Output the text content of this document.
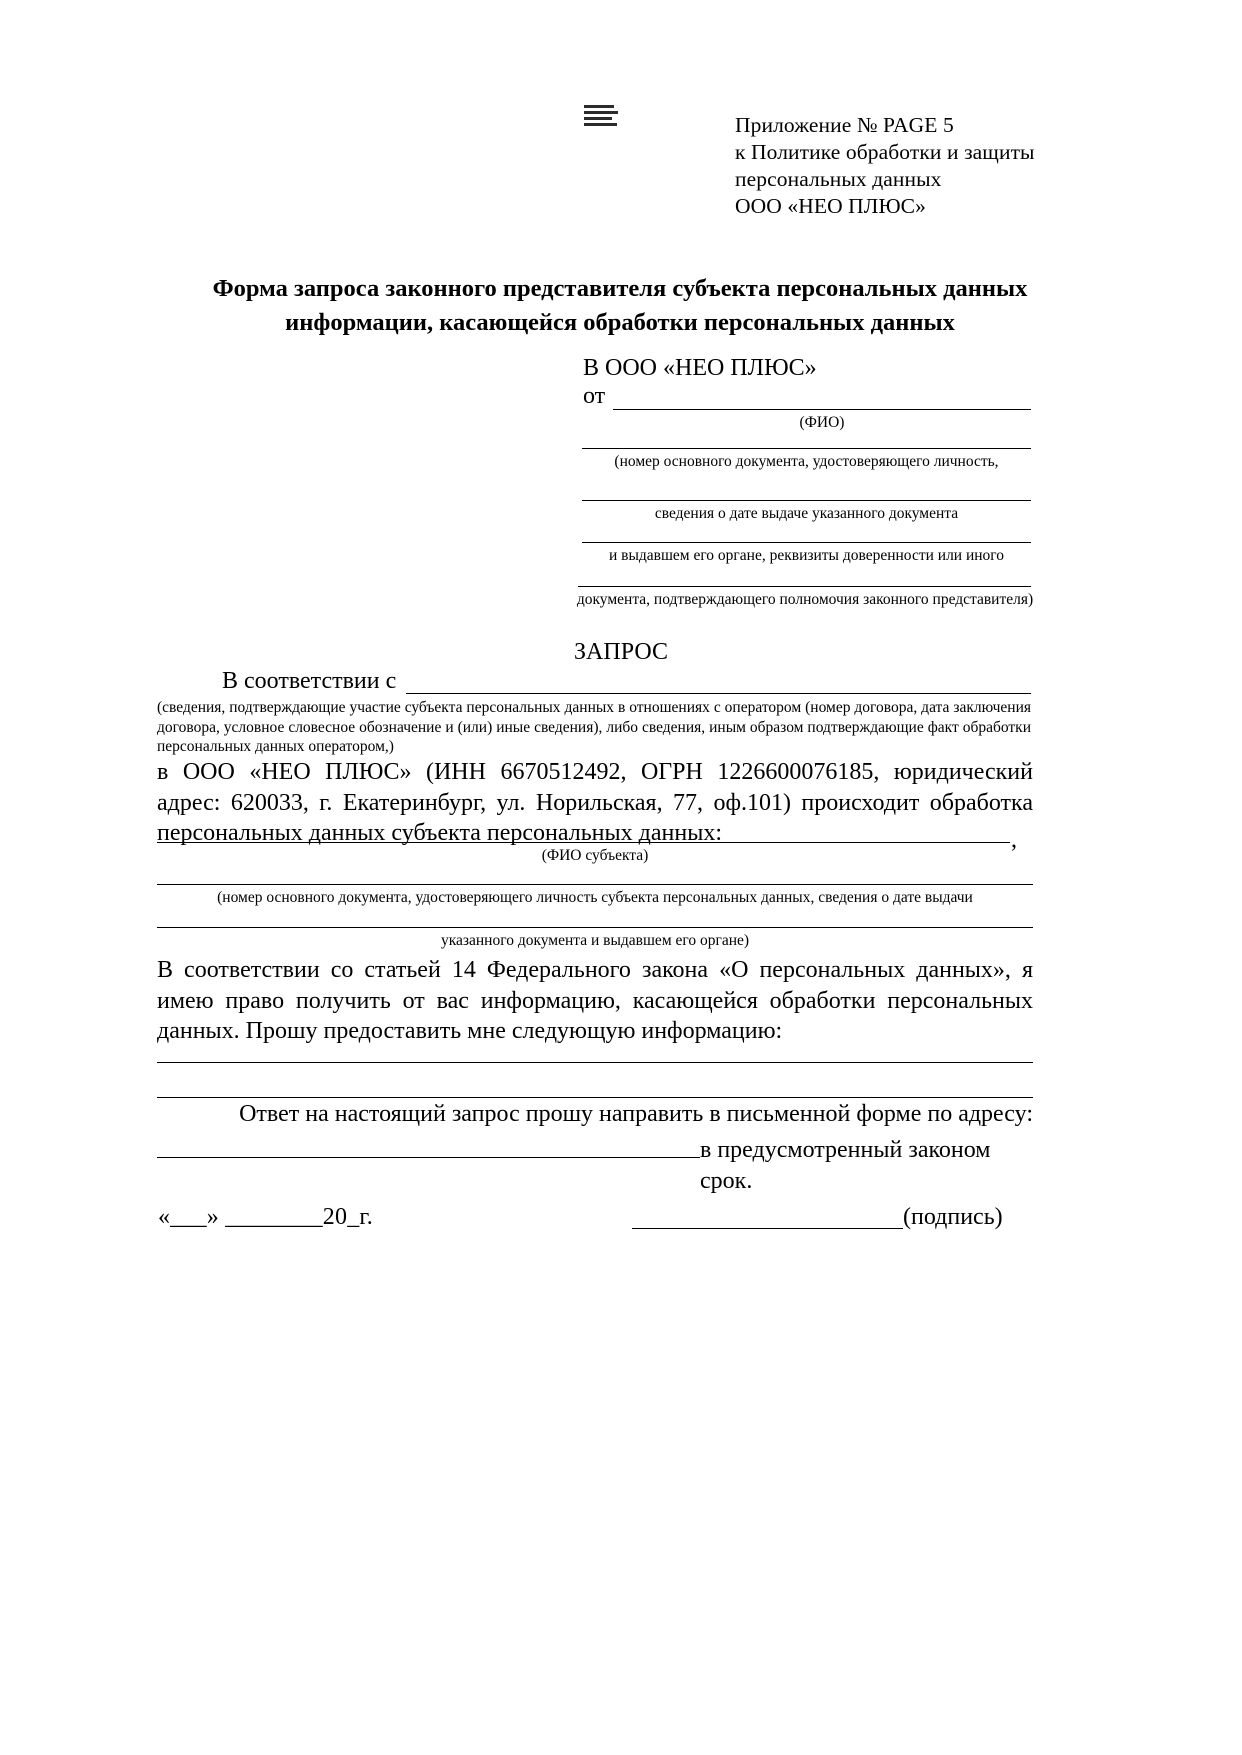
Приложение № PAGE 5
к Политике обработки и защиты
персональных данных
ООО «НЕО ПЛЮС»
Форма запроса законного представителя субъекта персональных данных
информации, касающейся обработки персональных данных
В ООО «НЕО ПЛЮС»
от
(ФИО)
(номер основного документа, удостоверяющего личность,
сведения о дате выдаче указанного документа
и выдавшем его органе, реквизиты доверенности или иного
документа, подтверждающего полномочия законного представителя)
ЗАПРОС
В соответствии с
(сведения, подтверждающие участие субъекта персональных данных в отношениях с оператором (номер договора, дата заключения договора, условное словесное обозначение и (или) иные сведения), либо сведения, иным образом подтверждающие факт обработки персональных данных оператором,)
в ООО «НЕО ПЛЮС» (ИНН 6670512492, ОГРН 1226600076185, юридический адрес: 620033, г. Екатеринбург, ул. Норильская, 77, оф.101) происходит обработка персональных данных субъекта персональных данных:	,
(ФИО субъекта)
(номер основного документа, удостоверяющего личность субъекта персональных данных, сведения о дате выдачи
указанного документа и выдавшем его органе)
В соответствии со статьей 14 Федерального закона «О персональных данных», я имею право получить от вас информацию, касающейся обработки персональных данных. Прошу предоставить мне следующую информацию:
Ответ на настоящий запрос прошу направить в письменной форме по адресу:
в предусмотренный законом срок.
«___» ________20_г.	(подпись)
